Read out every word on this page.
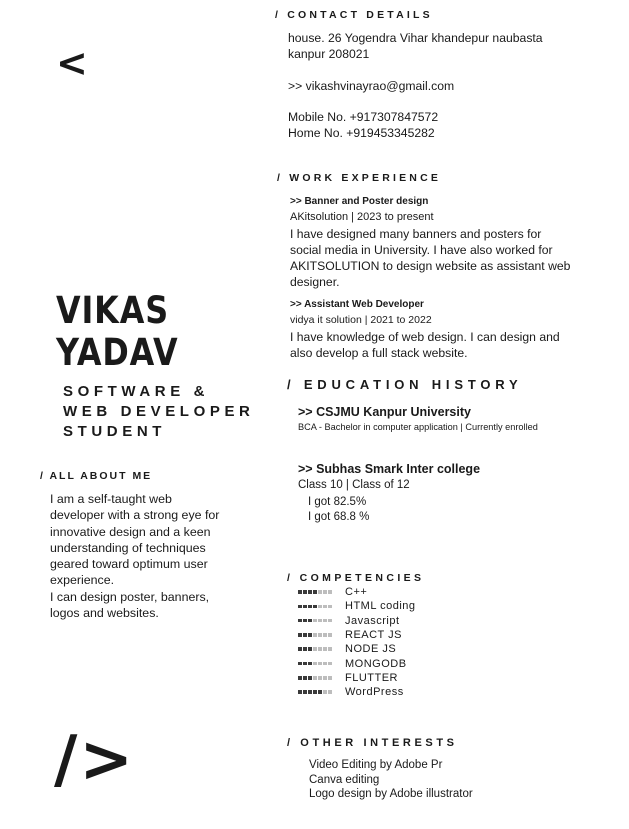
<
VIKAS
YADAV
SOFTWARE &
WEB DEVELOPER
STUDENT
/ ALL ABOUT ME
I am a self-taught web
developer with a strong eye for
innovative design and a keen
understanding of techniques
geared toward optimum user
experience.
I can design poster, banners,
logos and websites.
/>
/ CONTACT DETAILS
house. 26 Yogendra Vihar khandepur naubasta
kanpur 208021
>> vikashvinayrao@gmail.com
Mobile No. +917307847572
Home No. +919453345282
/ WORK EXPERIENCE
>> Banner and Poster design
AKitsolution | 2023 to present
I have designed many banners and posters for
social media in University. I have also worked for
AKITSOLUTION to design website as assistant web
designer.
>> Assistant Web Developer
vidya it solution | 2021 to 2022
I have knowledge of web design. I can design and
also develop a full stack website.
/ EDUCATION HISTORY
>> CSJMU Kanpur University
BCA - Bachelor in computer application | Currently enrolled
>> Subhas Smark Inter college
Class 10 | Class of 12
I got 82.5%
I got 68.8 %
/ COMPETENCIES
C++
HTML coding
Javascript
REACT JS
NODE JS
MONGODB
FLUTTER
WordPress
/ OTHER INTERESTS
Video Editing by Adobe Pr
Canva editing
Logo design by Adobe illustrator
